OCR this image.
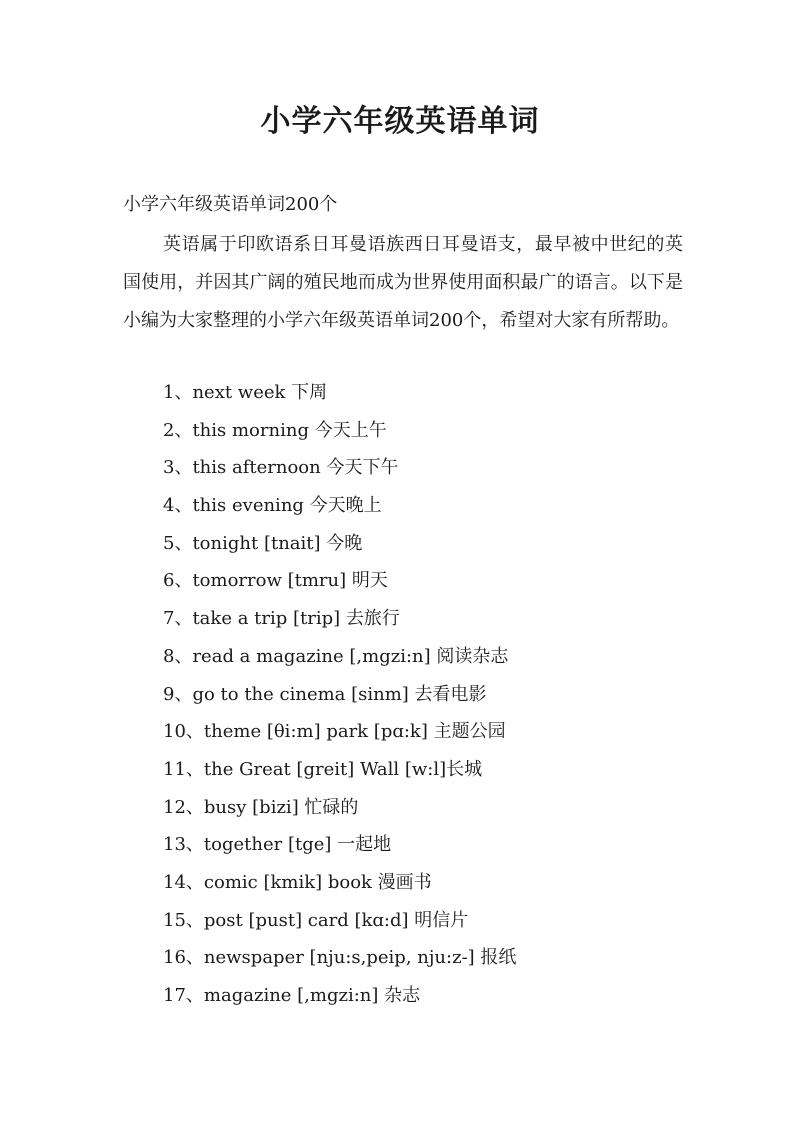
小学六年级英语单词
小学六年级英语单词200个
英语属于印欧语系日耳曼语族西日耳曼语支，最早被中世纪的英国使用，并因其广阔的殖民地而成为世界使用面积最广的语言。以下是小编为大家整理的小学六年级英语单词200个，希望对大家有所帮助。
1、next week 下周
2、this morning 今天上午
3、this afternoon 今天下午
4、this evening 今天晚上
5、tonight [tnait] 今晚
6、tomorrow [tmru] 明天
7、take a trip [trip] 去旅行
8、read a magazine [,mgzi:n] 阅读杂志
9、go to the cinema [sinm] 去看电影
10、theme [θi:m] park [pɑ:k] 主题公园
11、the Great [greit] Wall [w:l]长城
12、busy [bizi] 忙碌的
13、together [tge] 一起地
14、comic [kmik] book 漫画书
15、post [pust] card [kɑ:d] 明信片
16、newspaper [nju:s,peip, nju:z-] 报纸
17、magazine [,mgzi:n] 杂志
